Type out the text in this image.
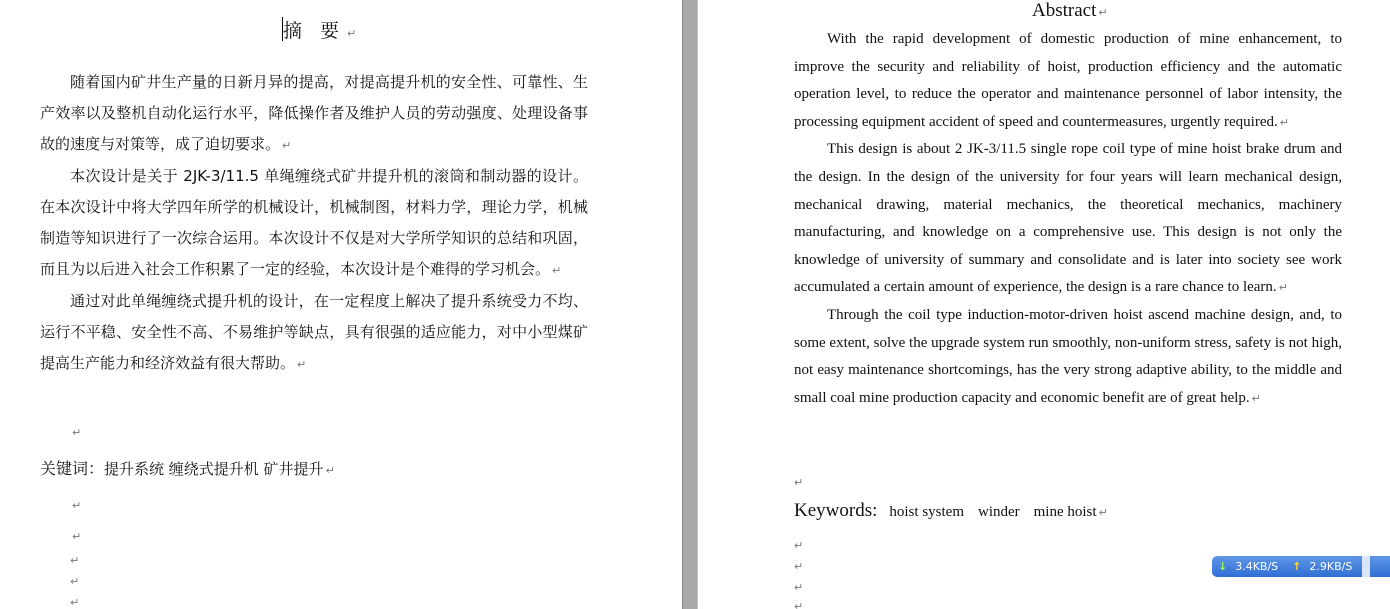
摘 要 ↵

随着国内矿井生产量的日新月异的提高，对提高提升机的安全性、可靠性、生产效率以及整机自动化运行水平，降低操作者及维护人员的劳动强度、处理设备事故的速度与对策等，成了迫切要求。 ↵

本次设计是关于 2JK-3/11.5 单绳缠绕式矿井提升机的滚筒和制动器的设计。在本次设计中将大学四年所学的机械设计，机械制图，材料力学，理论力学，机械制造等知识进行了一次综合运用。本次设计不仅是对大学所学知识的总结和巩固，而且为以后进入社会工作积累了一定的经验，本次设计是个难得的学习机会。 ↵

通过对此单绳缠绕式提升机的设计，在一定程度上解决了提升系统受力不均、运行不平稳、安全性不高、不易维护等缺点，具有很强的适应能力，对中小型煤矿提高生产能力和经济效益有很大帮助。 ↵

↵
关键词：提升系统 缠绕式提升机 矿井提升 ↵
↵
↵
↵
↵
↵
Abstract ↵

With the rapid development of domestic production of mine enhancement, to improve the security and reliability of hoist, production efficiency and the automatic operation level, to reduce the operator and maintenance personnel of labor intensity, the processing equipment accident of speed and countermeasures, urgently required. ↵

This design is about 2 JK-3/11.5 single rope coil type of mine hoist brake drum and the design. In the design of the university for four years will learn mechanical design, mechanical drawing, material mechanics, the theoretical mechanics, machinery manufacturing, and knowledge on a comprehensive use. This design is not only the knowledge of university of summary and consolidate and is later into society see work accumulated a certain amount of experience, the design is a rare chance to learn. ↵

Through the coil type induction-motor-driven hoist ascend machine design, and, to some extent, solve the upgrade system run smoothly, non-uniform stress, safety is not high, not easy maintenance shortcomings, has the very strong adaptive ability, to the middle and small coal mine production capacity and economic benefit are of great help. ↵

↵
Keywords: hoist system winder mine hoist ↵
↵
↵
↵
↵
↓ 3.4KB/S ↑ 2.9KB/S
